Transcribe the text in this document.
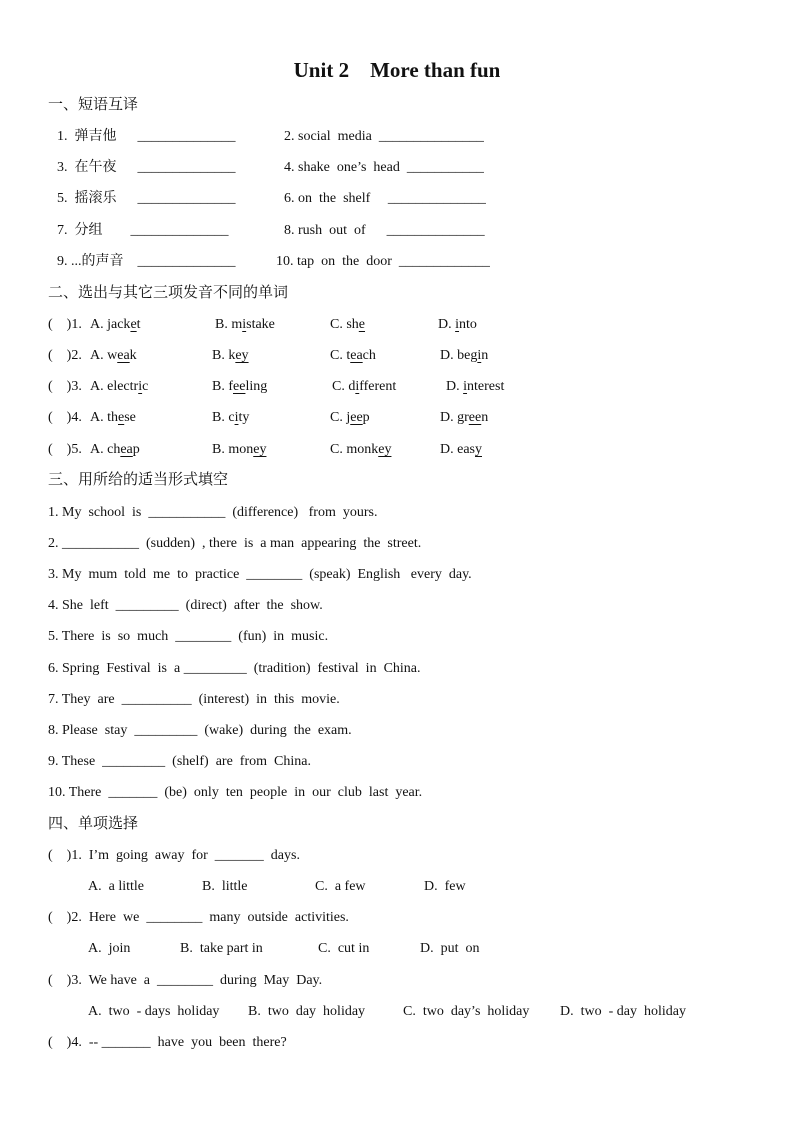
Unit 2    More than fun
一、短语互译
1.  弹吉他      ______________	2. social  media  _______________
3.  在午夜      ______________	4. shake  one’s  head  ___________
5.  摇滚乐      ______________	6. on  the  shelf     ______________
7.  分组        ______________	8. rush  out  of      ______________
9. ...的声音    ______________	10. tap  on  the  door  _____________
二、选出与其它三项发音不同的单词
(    )1. A. jacket	B. mistake	C. she	D. into
(    )2. A. weak	B. key	C. teach	D. begin
(    )3. A. electric	B. feeling	C. different	D. interest
(    )4. A. these	B. city	C. jeep	D. green
(    )5. A. cheap	B. money	C. monkey	D. easy
三、用所给的适当形式填空
1. My  school  is  ___________  (difference)   from  yours.
2. ___________  (sudden)  , there  is  a man  appearing  the  street.
3. My  mum  told  me  to  practice  ________  (speak)  English   every  day.
4. She  left  _________  (direct)  after  the  show.
5. There  is  so  much  ________  (fun)  in  music.
6. Spring  Festival  is  a _________  (tradition)  festival  in  China.
7. They  are  __________  (interest)  in  this  movie.
8. Please  stay  _________  (wake)  during  the  exam.
9. These  _________  (shelf)  are  from  China.
10. There  _______  (be)  only  ten  people  in  our  club  last  year.
四、单项选择
(    )1.  I’m  going  away  for  _______  days.
A.  a little	B.  little	C.  a few	D.  few
(    )2.  Here  we  ________  many  outside  activities.
A.  join	B.  take part in	C.  cut in	D.  put  on
(    )3.  We have  a  ________  during  May  Day.
A.  two  - days  holiday B.  two  day  holiday	C.  two  day’s  holiday D.  two  - day  holiday
(    )4.  -- _______  have  you  been  there?
